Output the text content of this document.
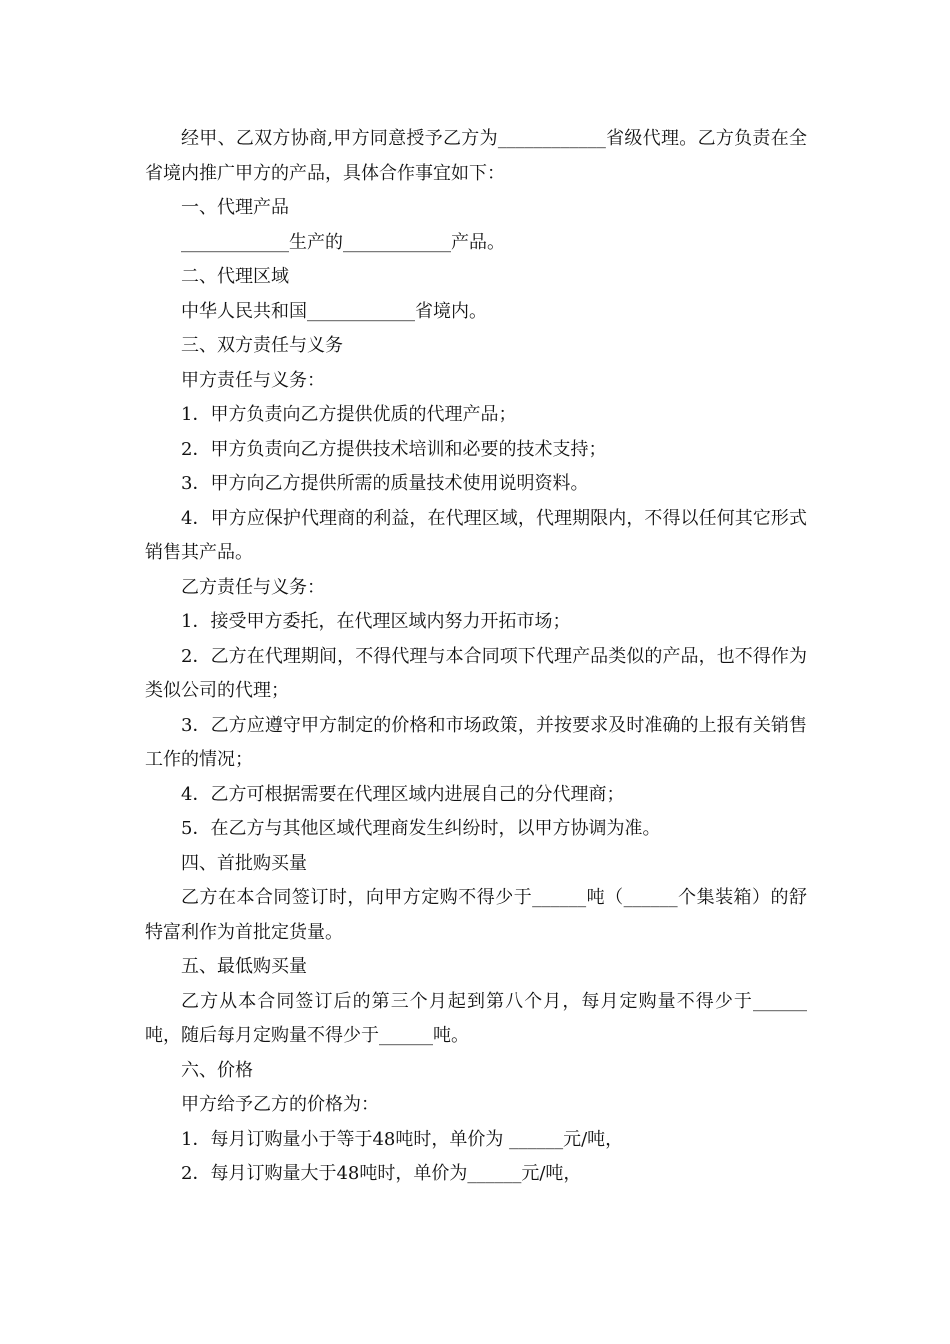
经甲、乙双方协商,甲方同意授予乙方为____________省级代理。乙方负责在全省境内推广甲方的产品，具体合作事宜如下：

一、代理产品

____________生产的____________产品。

二、代理区域

中华人民共和国____________省境内。

三、双方责任与义务

甲方责任与义务：

1．甲方负责向乙方提供优质的代理产品；

2．甲方负责向乙方提供技术培训和必要的技术支持；

3．甲方向乙方提供所需的质量技术使用说明资料。

4．甲方应保护代理商的利益，在代理区域，代理期限内，不得以任何其它形式销售其产品。

乙方责任与义务：

1．接受甲方委托，在代理区域内努力开拓市场；

2．乙方在代理期间，不得代理与本合同项下代理产品类似的产品，也不得作为类似公司的代理；

3．乙方应遵守甲方制定的价格和市场政策，并按要求及时准确的上报有关销售工作的情况；

4．乙方可根据需要在代理区域内进展自己的分代理商；

5．在乙方与其他区域代理商发生纠纷时，以甲方协调为准。

四、首批购买量

乙方在本合同签订时，向甲方定购不得少于______吨（______个集装箱）的舒特富利作为首批定货量。

五、最低购买量

乙方从本合同签订后的第三个月起到第八个月，每月定购量不得少于______吨，随后每月定购量不得少于______吨。

六、价格

甲方给予乙方的价格为：

1．每月订购量小于等于48吨时，单价为 ______元/吨，

2．每月订购量大于48吨时，单价为______元/吨，
